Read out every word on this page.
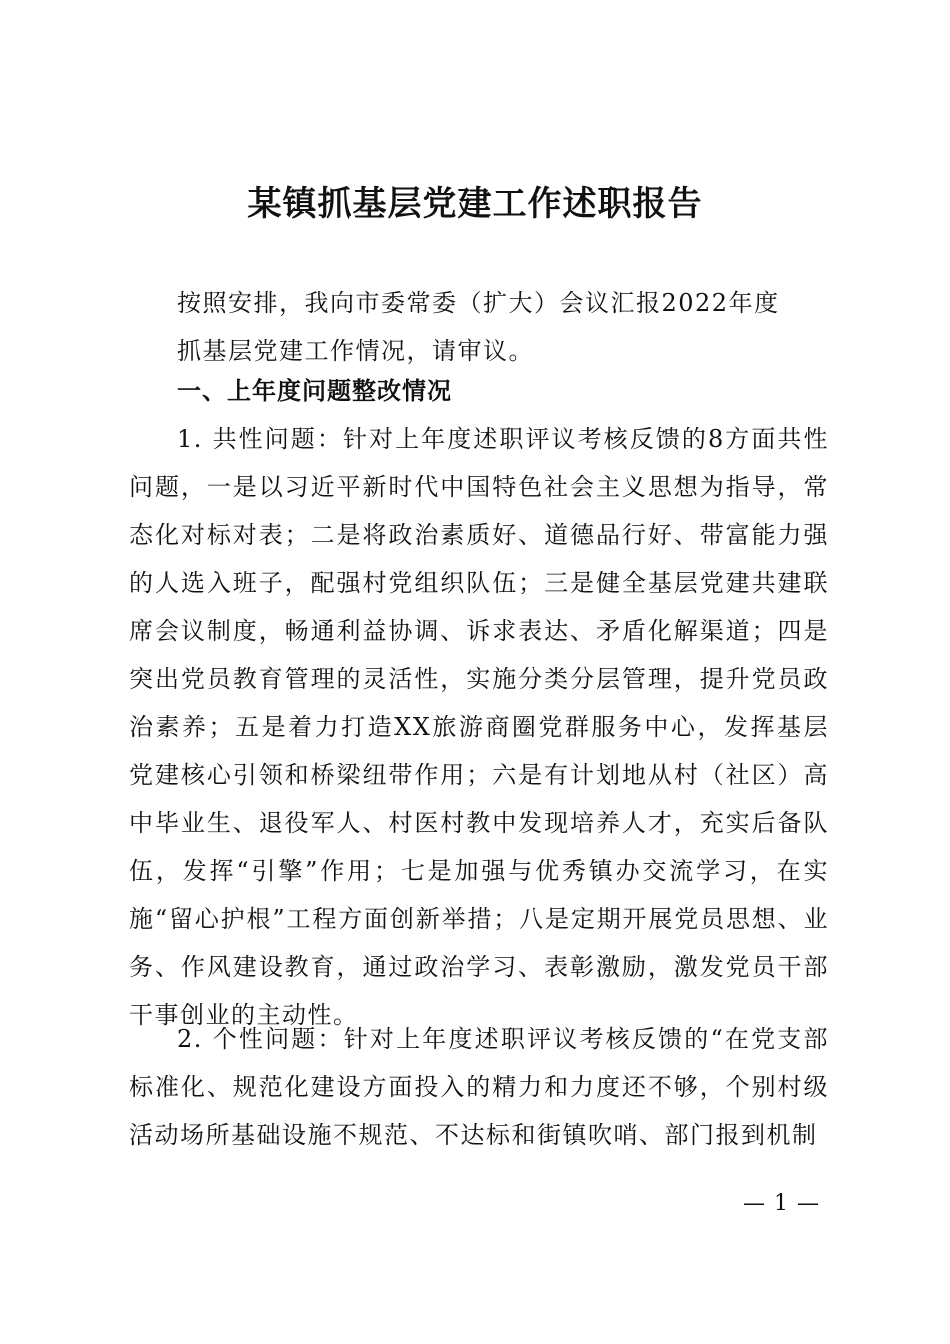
某镇抓基层党建工作述职报告
按照安排，我向市委常委（扩大）会议汇报2022年度
抓基层党建工作情况，请审议。
一、上年度问题整改情况
1. 共性问题：针对上年度述职评议考核反馈的8方面共性问题，一是以习近平新时代中国特色社会主义思想为指导，常态化对标对表；二是将政治素质好、道德品行好、带富能力强的人选入班子，配强村党组织队伍；三是健全基层党建共建联席会议制度，畅通利益协调、诉求表达、矛盾化解渠道；四是突出党员教育管理的灵活性，实施分类分层管理，提升党员政治素养；五是着力打造XX旅游商圈党群服务中心，发挥基层党建核心引领和桥梁纽带作用；六是有计划地从村（社区）高中毕业生、退役军人、村医村教中发现培养人才，充实后备队伍，发挥“引擎”作用；七是加强与优秀镇办交流学习，在实施“留心护根”工程方面创新举措；八是定期开展党员思想、业务、作风建设教育，通过政治学习、表彰激励，激发党员干部干事创业的主动性。
2. 个性问题：针对上年度述职评议考核反馈的“在党支部标准化、规范化建设方面投入的精力和力度还不够，个别村级活动场所基础设施不规范、不达标和街镇吹哨、部门报到机制
— 1 —
